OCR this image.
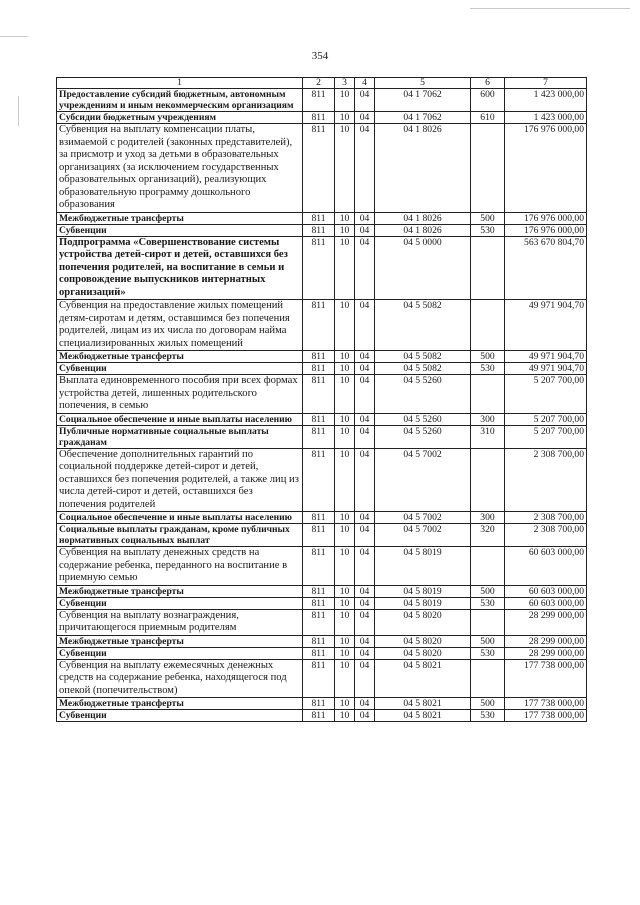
354
1	2	3	4	5	6	7
Предоставление субсидий бюджетным, автономным учреждениям и иным некоммерческим организациям	811	10	04	04 1 7062	600	1 423 000,00
Субсидии бюджетным учреждениям	811	10	04	04 1 7062	610	1 423 000,00
Субвенция на выплату компенсации платы, взимаемой с родителей (законных представителей), за присмотр и уход за детьми в образовательных организациях (за исключением государственных образовательных организаций), реализующих образовательную программу дошкольного образования	811	10	04	04 1 8026		176 976 000,00
Межбюджетные трансферты	811	10	04	04 1 8026	500	176 976 000,00
Субвенции	811	10	04	04 1 8026	530	176 976 000,00
Подпрограмма «Совершенствование системы устройства детей-сирот и детей, оставшихся без попечения родителей, на воспитание в семьи и сопровождение выпускников интернатных организаций»	811	10	04	04 5 0000		563 670 804,70
Субвенция на предоставление жилых помещений детям-сиротам и детям, оставшимся без попечения родителей, лицам из их числа по договорам найма специализированных жилых помещений	811	10	04	04 5 5082		49 971 904,70
Межбюджетные трансферты	811	10	04	04 5 5082	500	49 971 904,70
Субвенции	811	10	04	04 5 5082	530	49 971 904,70
Выплата единовременного пособия при всех формах устройства детей, лишенных родительского попечения, в семью	811	10	04	04 5 5260		5 207 700,00
Социальное обеспечение и иные выплаты населению	811	10	04	04 5 5260	300	5 207 700,00
Публичные нормативные социальные выплаты гражданам	811	10	04	04 5 5260	310	5 207 700,00
Обеспечение дополнительных гарантий по социальной поддержке детей-сирот и детей, оставшихся без попечения родителей, а также лиц из числа детей-сирот и детей, оставшихся без попечения родителей	811	10	04	04 5 7002		2 308 700,00
Социальное обеспечение и иные выплаты населению	811	10	04	04 5 7002	300	2 308 700,00
Социальные выплаты гражданам, кроме публичных нормативных социальных выплат	811	10	04	04 5 7002	320	2 308 700,00
Субвенция на выплату денежных средств на содержание ребенка, переданного на воспитание в приемную семью	811	10	04	04 5 8019		60 603 000,00
Межбюджетные трансферты	811	10	04	04 5 8019	500	60 603 000,00
Субвенции	811	10	04	04 5 8019	530	60 603 000,00
Субвенция на выплату вознаграждения, причитающегося приемным родителям	811	10	04	04 5 8020		28 299 000,00
Межбюджетные трансферты	811	10	04	04 5 8020	500	28 299 000,00
Субвенции	811	10	04	04 5 8020	530	28 299 000,00
Субвенция на выплату ежемесячных денежных средств на содержание ребенка, находящегося под опекой (попечительством)	811	10	04	04 5 8021		177 738 000,00
Межбюджетные трансферты	811	10	04	04 5 8021	500	177 738 000,00
Субвенции	811	10	04	04 5 8021	530	177 738 000,00
